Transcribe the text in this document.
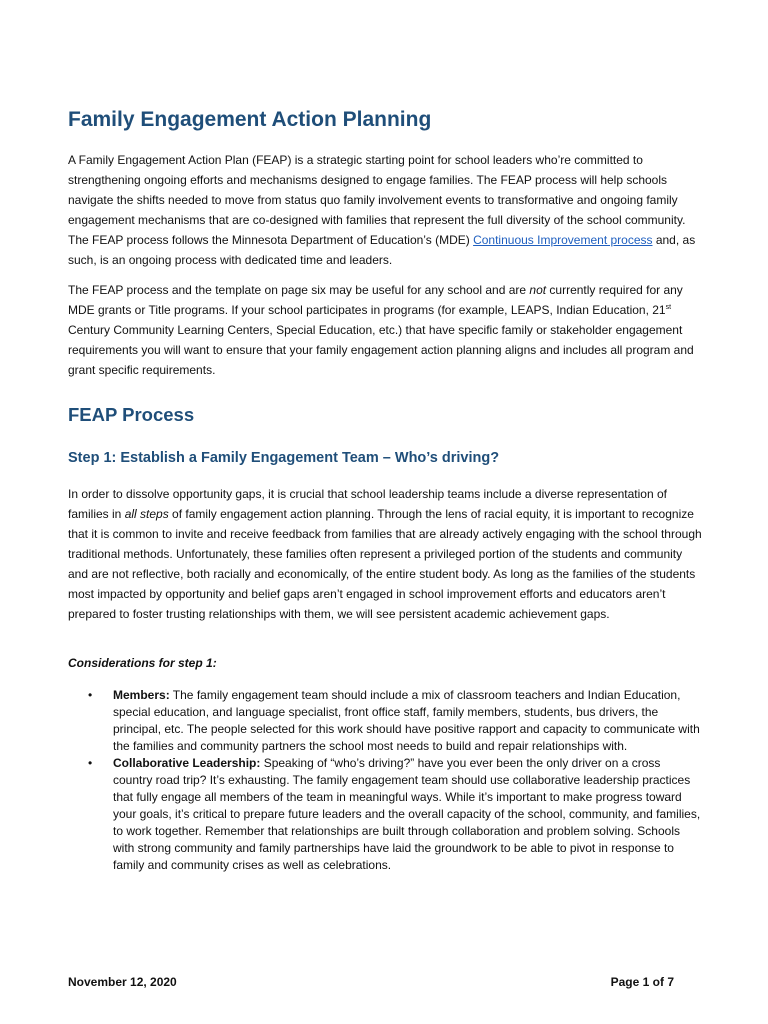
Family Engagement Action Planning

A Family Engagement Action Plan (FEAP) is a strategic starting point for school leaders who’re committed to strengthening ongoing efforts and mechanisms designed to engage families. The FEAP process will help schools navigate the shifts needed to move from status quo family involvement events to transformative and ongoing family engagement mechanisms that are co-designed with families that represent the full diversity of the school community. The FEAP process follows the Minnesota Department of Education’s (MDE) Continuous Improvement process and, as such, is an ongoing process with dedicated time and leaders.

The FEAP process and the template on page six may be useful for any school and are not currently required for any MDE grants or Title programs. If your school participates in programs (for example, LEAPS, Indian Education, 21st Century Community Learning Centers, Special Education, etc.) that have specific family or stakeholder engagement requirements you will want to ensure that your family engagement action planning aligns and includes all program and grant specific requirements.

FEAP Process
Step 1: Establish a Family Engagement Team – Who’s driving?

In order to dissolve opportunity gaps, it is crucial that school leadership teams include a diverse representation of families in all steps of family engagement action planning. Through the lens of racial equity, it is important to recognize that it is common to invite and receive feedback from families that are already actively engaging with the school through traditional methods. Unfortunately, these families often represent a privileged portion of the students and community and are not reflective, both racially and economically, of the entire student body. As long as the families of the students most impacted by opportunity and belief gaps aren’t engaged in school improvement efforts and educators aren’t prepared to foster trusting relationships with them, we will see persistent academic achievement gaps.

Considerations for step 1:
• Members: The family engagement team should include a mix of classroom teachers and Indian Education, special education, and language specialist, front office staff, family members, students, bus drivers, the principal, etc. The people selected for this work should have positive rapport and capacity to communicate with the families and community partners the school most needs to build and repair relationships with.
• Collaborative Leadership: Speaking of “who’s driving?” have you ever been the only driver on a cross country road trip? It’s exhausting. The family engagement team should use collaborative leadership practices that fully engage all members of the team in meaningful ways. While it’s important to make progress toward your goals, it’s critical to prepare future leaders and the overall capacity of the school, community, and families, to work together. Remember that relationships are built through collaboration and problem solving. Schools with strong community and family partnerships have laid the groundwork to be able to pivot in response to family and community crises as well as celebrations.
November 12, 2020	Page 1 of 7
